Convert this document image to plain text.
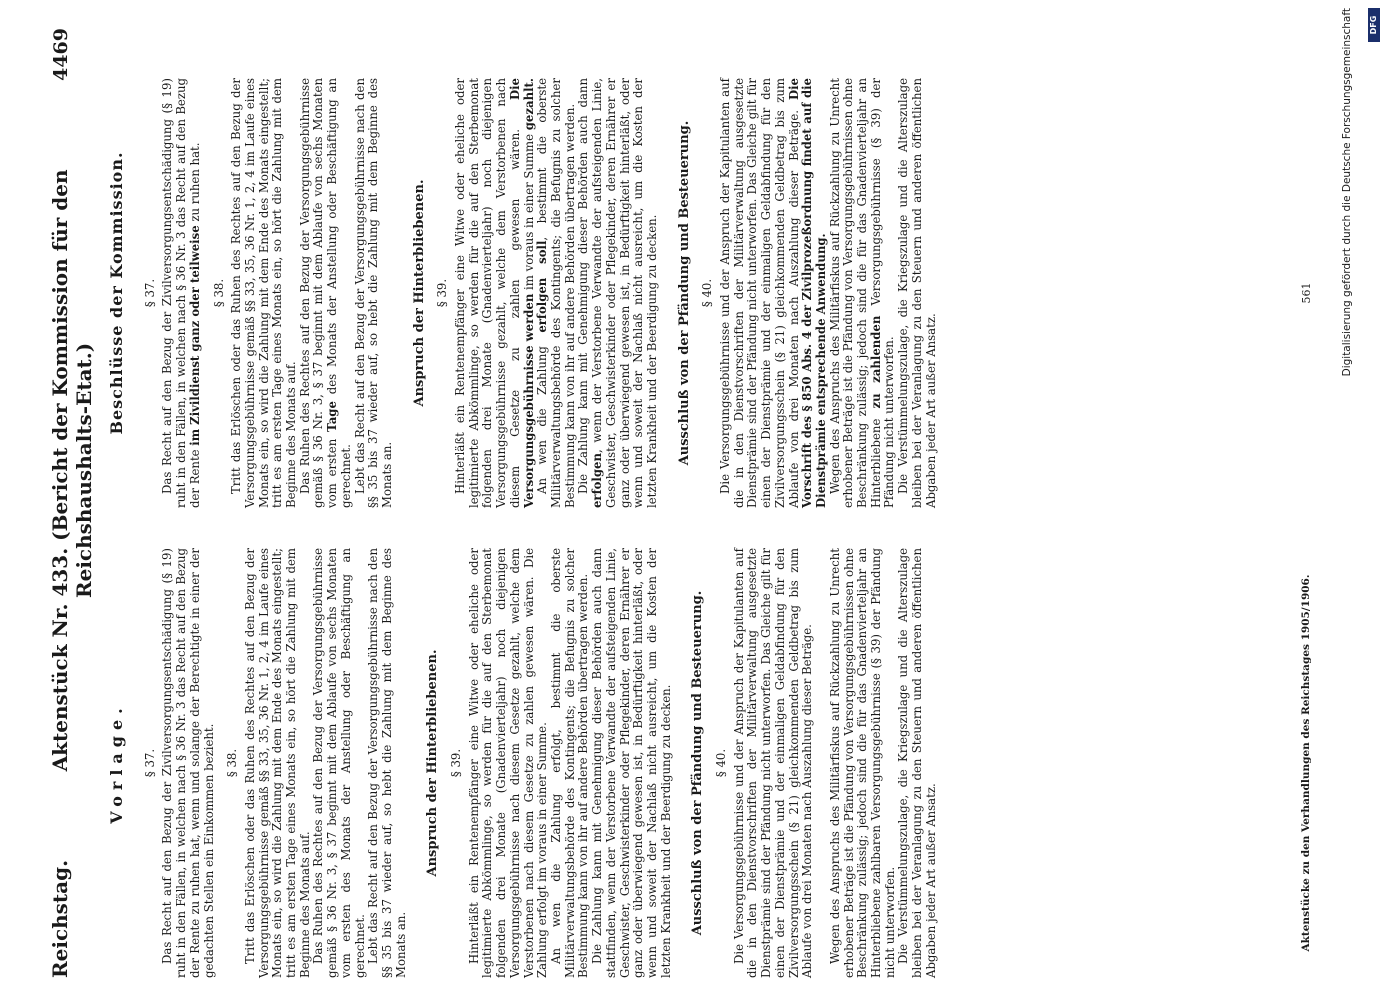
Reichstag.
Aktenstück Nr. 433. (Bericht der Kommission für den Reichshaushalts-Etat.)
4469
Vorlage. § 37. Das Recht auf den Bezug der Zivilversorgungsentschädigung (§ 19) ruht in den Fällen, in welchen nach § 36 Nr. 3 das Recht auf den Bezug der Rente zu ruhen hat, wenn und solange der Berechtigte in einer der gedachten Stellen ein Einkommen bezieht. § 38. Tritt das Erlöschen oder das Ruhen des Rechtes auf den Bezug der Versorgungsgebührnisse gemäß §§ 33, 35, 36 Nr. 1, 2, 4 im Laufe eines Monats ein, so wird die Zahlung mit dem Ende des Monats eingestellt; tritt es am ersten Tage eines Monats ein, so hört die Zahlung mit dem Beginne des Monats auf. Das Ruhen des Rechtes auf den Bezug der Versorgungsgebührnisse gemäß § 36 Nr. 3, § 37 beginnt mit dem Ablaufe von sechs Monaten vom ersten des Monats der Anstellung oder Beschäftigung an gerechnet. Lebt das Recht auf den Bezug der Versorgungsgebührnisse nach den §§ 35 bis 37 wieder auf, so hebt die Zahlung mit dem Beginne des Monats an.

Anspruch der Hinterbliebenen. § 39. Hinterläßt ein Rentenempfänger eine Witwe oder eheliche oder legitimierte Abkömmlinge, so werden für die auf den Sterbemonat folgenden drei Monate (Gnadenvierteljahr) noch diejenigen Versorgungsgebührnisse nach diesem Gesetze gezahlt, welche dem Verstorbenen nach diesem Gesetze zu zahlen gewesen wären. Die Zahlung erfolgt im voraus in einer Summe. An wen die Zahlung erfolgt, bestimmt die oberste Militärverwaltungsbehörde des Kontingents; die Befugnis zu solcher Bestimmung kann von ihr auf andere Behörden übertragen werden. Die Zahlung kann mit Genehmigung dieser Behörden auch dann stattfinden, wenn der Verstorbene Verwandte der aufsteigenden Linie, Geschwister, Geschwisterkinder oder Pflegekinder, deren Ernährer er ganz oder überwiegend gewesen ist, in Bedürftigkeit hinterläßt, oder wenn und soweit der Nachlaß nicht ausreicht, um die Kosten der letzten Krankheit und der Beerdigung zu decken. Ausschluß von der Pfändung und Besteuerung. § 40. Die Versorgungsgebührnisse und der Anspruch der Kapitulanten auf die in den Dienstvorschriften der Militärverwaltung ausgesetzte Dienstprämie sind der Pfändung nicht unterworfen. Das Gleiche gilt für einen der Dienstprämie und der einmaligen Geldabfindung für den Zivilversorgungsschein (§ 21) gleichkommenden Geldbetrag bis zum Ablaufe von drei Monaten nach Auszahlung dieser Beträge. Wegen des Anspruchs des Militärfiskus auf Rückzahlung zu Unrecht erhobener Beträge ist die Pfändung von Versorgungsgebührnissen ohne Beschränkung zulässig; jedoch sind die für das Gnadenvierteljahr an Hinterbliebene zahlbaren Versorgungsgebührnisse (§ 39) der Pfändung nicht unterworfen. Die Verstümmelungszulage, die Kriegszulage und die Alterszulage bleiben bei der Veranlagung zu den Steuern und anderen öffentlichen Abgaben jeder Art außer Ansatz.	Aktenstücke zu den Verhandlungen des Reichstages 1905/1906.
Beschlüsse der Kommission. § 37. Das Recht auf den Bezug der Zivilversorgungsentschädigung (§ 19) ruht in den Fällen, in welchen nach § 36 Nr. 3 das Recht auf den Bezug der Rente im Zivildienst ganz oder teilweise zu ruhen hat.

§ 38. Tritt das Erlöschen oder das Ruhen des Rechtes auf den Bezug der Versorgungsgebührnisse gemäß §§ 33, 35, 36 Nr. 1, 2, 4 im Laufe eines Monats ein, so wird die Zahlung mit dem Ende des Monats eingestellt; tritt es am ersten Tage eines Monats ein, so hört die Zahlung mit dem Beginne des Monats auf. Das Ruhen des Rechtes auf den Bezug der Versorgungsgebührnisse gemäß § 36 Nr. 3, § 37 beginnt mit dem Ablaufe von sechs Monaten vom ersten Tage des Monats der Anstellung oder Beschäftigung an gerechnet. Lebt das Recht auf den Bezug der Versorgungsgebührnisse nach den §§ 35 bis 37 wieder auf, so hebt die Zahlung mit dem Beginne des Monats an.

Anspruch der Hinterbliebenen. § 39. Hinterläßt ein Rentenempfänger eine Witwe oder eheliche oder legitimierte Abkömmlinge, so werden für die auf den Sterbemonat folgenden drei Monate (Gnadenvierteljahr) noch diejenigen Versorgungsgebührnisse gezahlt, welche dem Verstorbenen nach diesem Gesetze zu zahlen gewesen wären. Die Versorgungsgebührnisse werden im voraus in einer Summe gezahlt.

An wen die Zahlung erfolgen soll, bestimmt die oberste Militärverwaltungsbehörde des Kontingents; die Befugnis zu solcher Bestimmung kann von ihr auf andere Behörden übertragen werden. Die Zahlung kann mit Genehmigung dieser Behörden auch dann erfolgen, wenn der Verstorbene Verwandte der aufsteigenden Linie, Geschwister, Geschwisterkinder oder Pflegekinder, deren Ernährer er ganz oder überwiegend gewesen ist, in Bedürftigkeit hinterläßt, oder wenn und soweit der Nachlaß nicht ausreicht, um die Kosten der letzten Krankheit und der Beerdigung zu decken. Ausschluß von der Pfändung und Besteuerung. § 40. Die Versorgungsgebührnisse und der Anspruch der Kapitulanten auf die in den Dienstvorschriften der Militärverwaltung ausgesetzte Dienstprämie sind der Pfändung nicht unterworfen. Das Gleiche gilt für einen der Dienstprämie und der einmaligen Geldabfindung für den Zivilversorgungsschein (§ 21) gleichkommenden Geldbetrag bis zum Ablaufe von drei Monaten nach Auszahlung dieser Beträge. Die Vorschrift des § 850 Abs. 4 der Zivilprozeßordnung findet auf die Dienstprämie entsprechende Anwendung. Wegen des Anspruchs des Militärfiskus auf Rückzahlung zu Unrecht erhobener Beträge ist die Pfändung von Versorgungsgebührnissen ohne Beschränkung zulässig; jedoch sind die für das Gnadenvierteljahr an Hinterbliebene zu zahlenden Versorgungsgebührnisse (§ 39) der Pfändung nicht unterworfen. Die Verstümmelungszulage, die Kriegszulage und die Alterszulage bleiben bei der Veranlagung zu den Steuern und anderen öffentlichen Abgaben jeder Art außer Ansatz.

561	Digitalisierung gefördert durch die Deutsche Forschungsgemeinschaft	DFG
